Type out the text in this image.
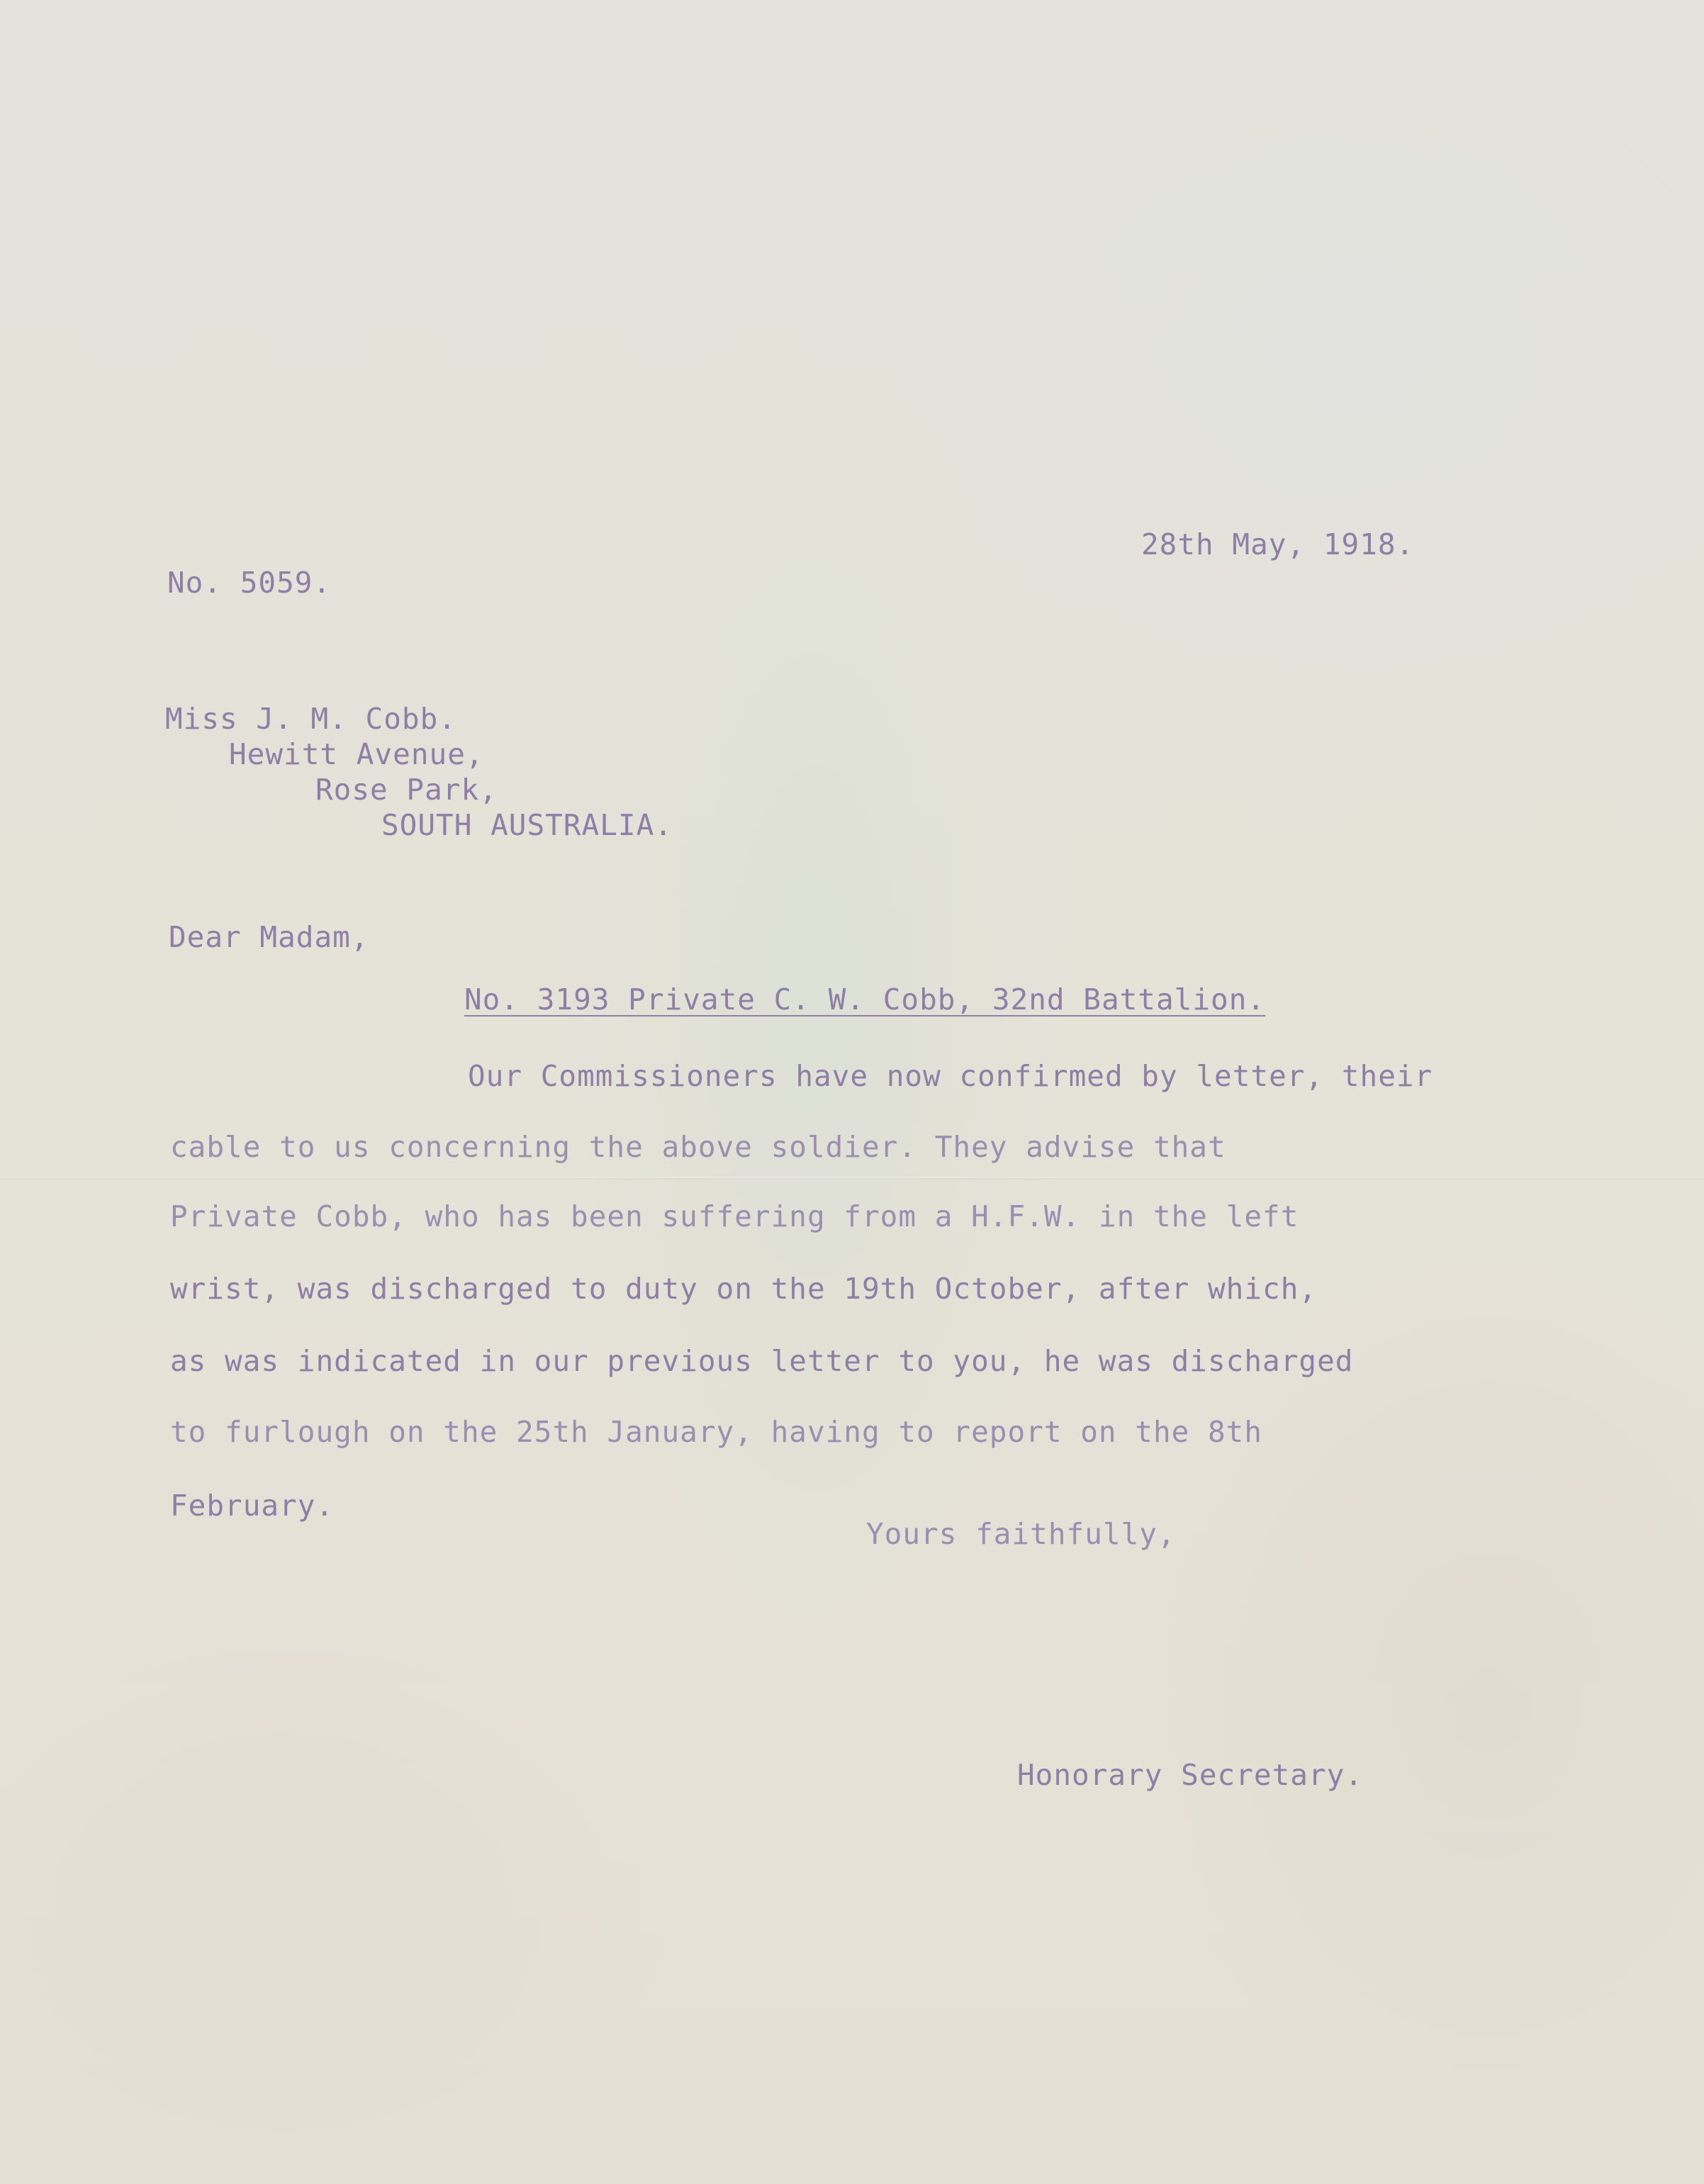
No. 5059.

28th May, 1918.

Miss J. M. Cobb.

Hewitt Avenue,

Rose Park,

SOUTH AUSTRALIA.

Dear Madam,

No. 3193 Private C. W. Cobb, 32nd Battalion.

Our Commissioners have now confirmed by letter, their

cable to us concerning the above soldier. They advise that

Private Cobb, who has been suffering from a H.F.W. in the left

wrist, was discharged to duty on the 19th October, after which,

as was indicated in our previous letter to you, he was discharged

to furlough on the 25th January, having to report on the 8th

February.

Yours faithfully,

Honorary Secretary.
